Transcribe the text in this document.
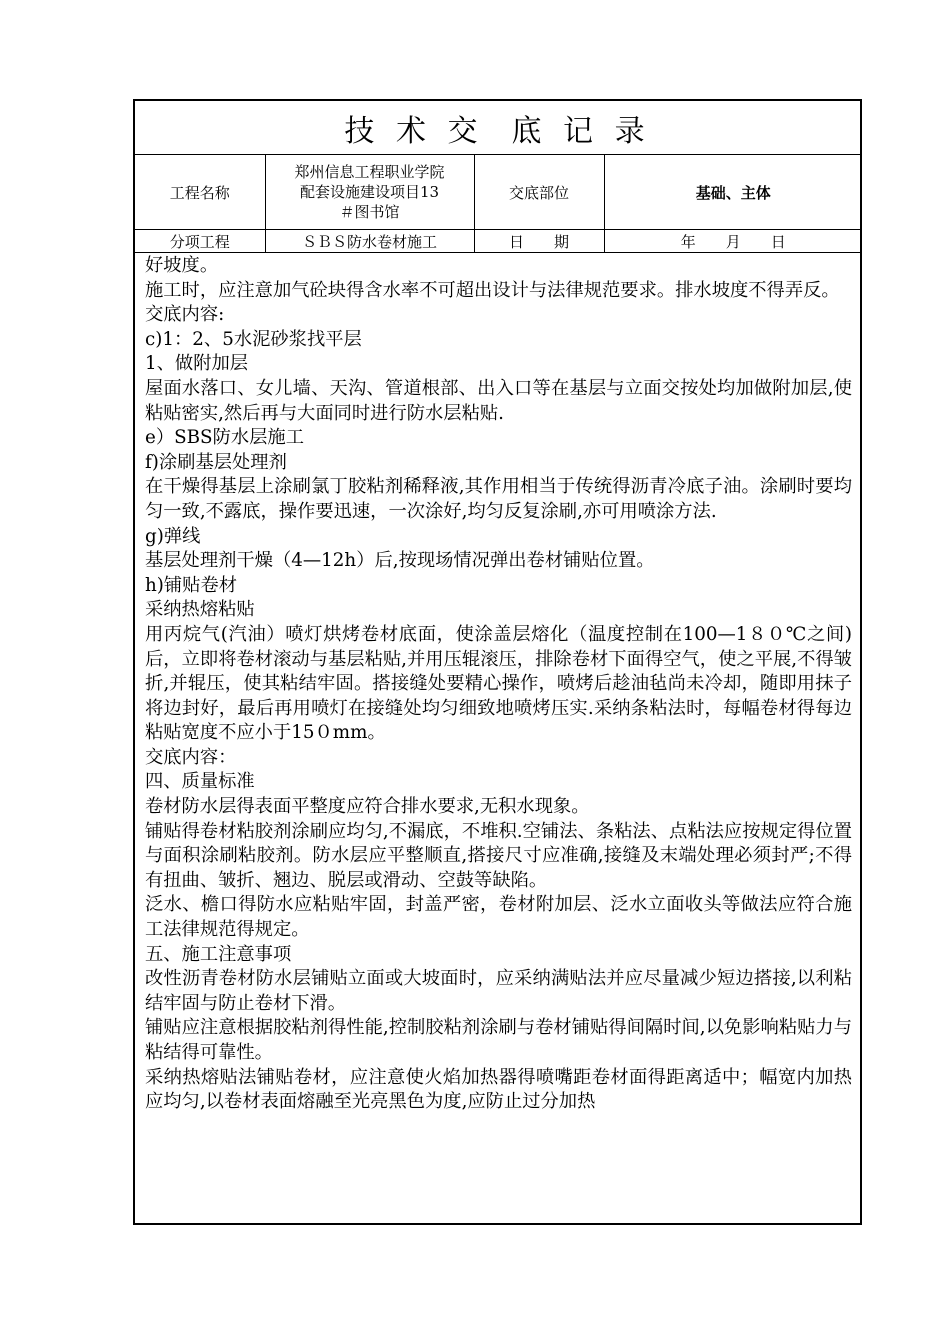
技 术 交 底 记 录
工程名称	郑州信息工程职业学院
配套设施建设项目13
＃图书馆	交底部位	基础、主体
分项工程	ＳＢＳ防水卷材施工	日　　期	年　　月　　日

好坡度。

施工时，应注意加气砼块得含水率不可超出设计与法律规范要求。排水坡度不得弄反。

交底内容:

c)1：2、5水泥砂浆找平层

1、做附加层

屋面水落口、女儿墙、天沟、管道根部、出入口等在基层与立面交按处均加做附加层,使粘贴密实,然后再与大面同时进行防水层粘贴.

e）SBS防水层施工

f)涂刷基层处理剂

在干燥得基层上涂刷氯丁胶粘剂稀释液,其作用相当于传统得沥青冷底子油。涂刷时要均匀一致,不露底，操作要迅速，一次涂好,均匀反复涂刷,亦可用喷涂方法.

g)弹线

基层处理剂干燥（4—12h）后,按现场情况弹出卷材铺贴位置。

h)铺贴卷材

采纳热熔粘贴

用丙烷气(汽油）喷灯烘烤卷材底面，使涂盖层熔化（温度控制在100—1８０℃之间)后，立即将卷材滚动与基层粘贴,并用压辊滚压，排除卷材下面得空气，使之平展,不得皱折,并辊压，使其粘结牢固。搭接缝处要精心操作，喷烤后趁油毡尚未冷却，随即用抹子将边封好，最后再用喷灯在接缝处均匀细致地喷烤压实.采纳条粘法时，每幅卷材得每边粘贴宽度不应小于15０mm。

交底内容：

四、质量标准

卷材防水层得表面平整度应符合排水要求,无积水现象。

铺贴得卷材粘胶剂涂刷应均匀,不漏底，不堆积.空铺法、条粘法、点粘法应按规定得位置与面积涂刷粘胶剂。防水层应平整顺直,搭接尺寸应准确,接缝及末端处理必须封严;不得有扭曲、皱折、翘边、脱层或滑动、空鼓等缺陷。

泛水、檐口得防水应粘贴牢固，封盖严密，卷材附加层、泛水立面收头等做法应符合施工法律规范得规定。

五、施工注意事项

改性沥青卷材防水层铺贴立面或大坡面时，应采纳满贴法并应尽量减少短边搭接,以利粘结牢固与防止卷材下滑。

铺贴应注意根据胶粘剂得性能,控制胶粘剂涂刷与卷材铺贴得间隔时间,以免影响粘贴力与粘结得可靠性。

采纳热熔贴法铺贴卷材，应注意使火焰加热器得喷嘴距卷材面得距离适中；幅宽内加热应均匀,以卷材表面熔融至光亮黑色为度,应防止过分加热
